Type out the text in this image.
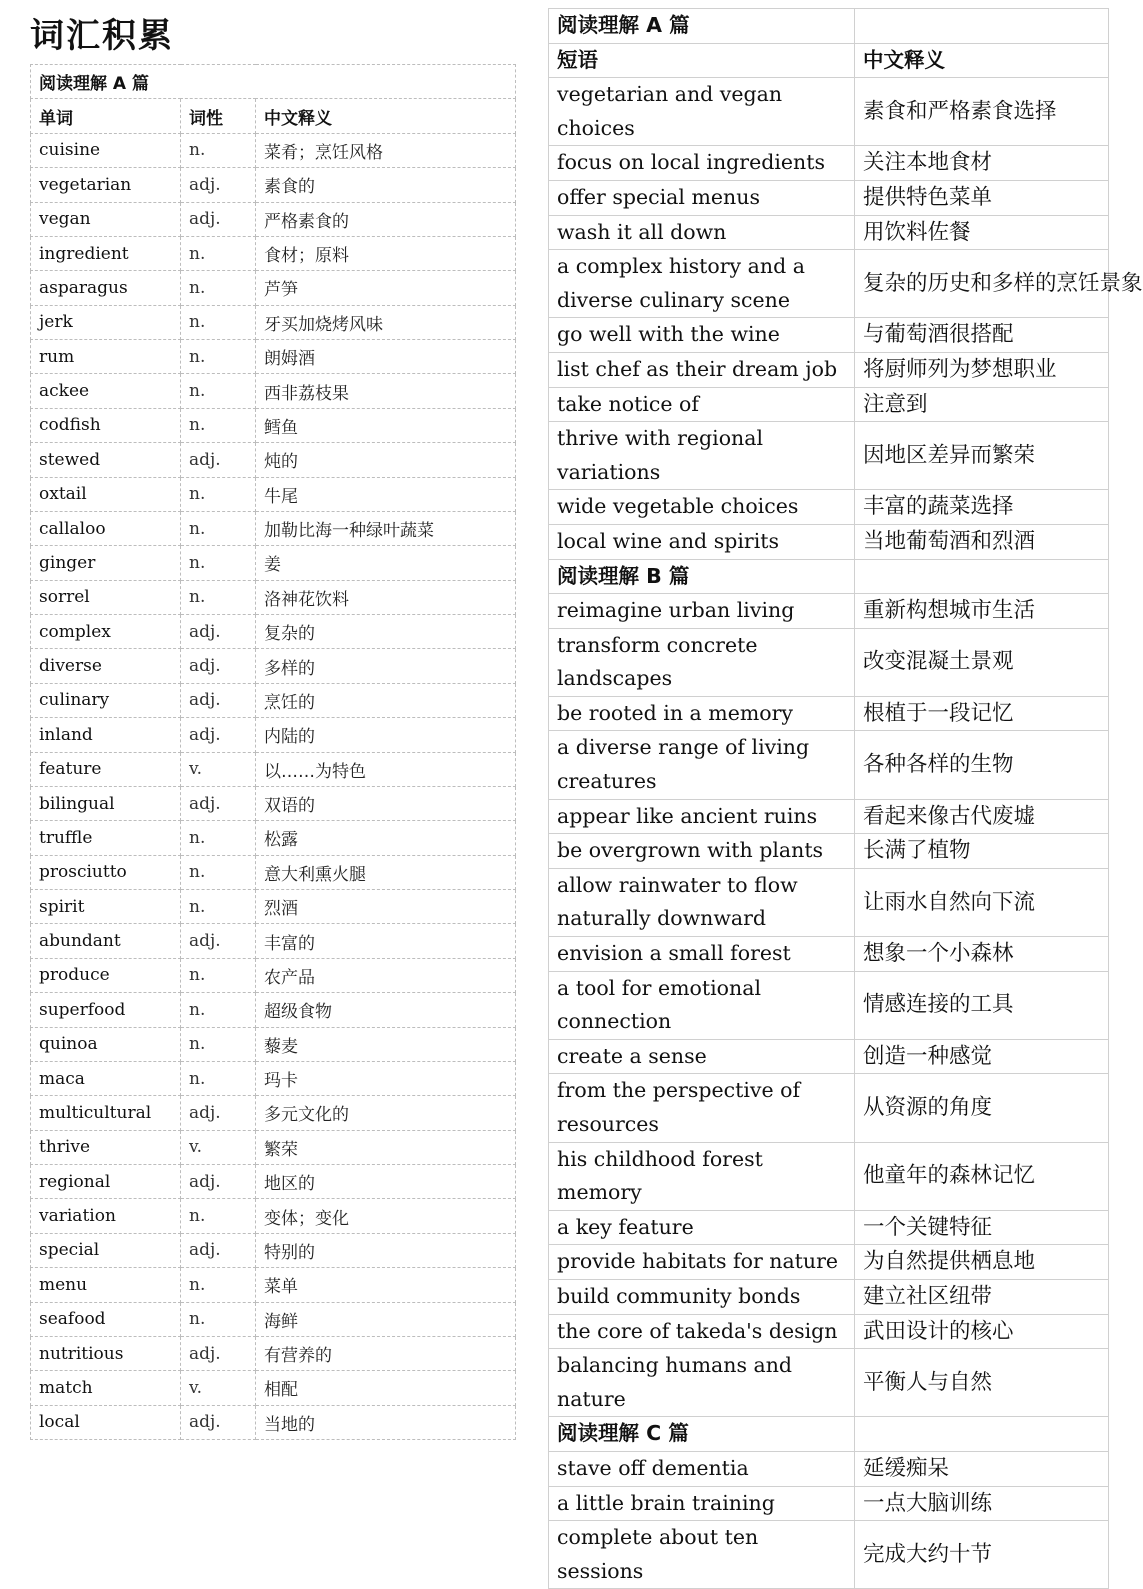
词汇积累
阅读理解 A 篇		
单词	词性	中文释义
cuisine	n.	菜肴；烹饪风格
vegetarian	adj.	素食的
vegan	adj.	严格素食的
ingredient	n.	食材；原料
asparagus	n.	芦笋
jerk	n.	牙买加烧烤风味
rum	n.	朗姆酒
ackee	n.	西非荔枝果
codfish	n.	鳕鱼
stewed	adj.	炖的
oxtail	n.	牛尾
callaloo	n.	加勒比海一种绿叶蔬菜
ginger	n.	姜
sorrel	n.	洛神花饮料
complex	adj.	复杂的
diverse	adj.	多样的
culinary	adj.	烹饪的
inland	adj.	内陆的
feature	v.	以……为特色
bilingual	adj.	双语的
truffle	n.	松露
prosciutto	n.	意大利熏火腿
spirit	n.	烈酒
abundant	adj.	丰富的
produce	n.	农产品
superfood	n.	超级食物
quinoa	n.	藜麦
maca	n.	玛卡
multicultural	adj.	多元文化的
thrive	v.	繁荣
regional	adj.	地区的
variation	n.	变体；变化
special	adj.	特别的
menu	n.	菜单
seafood	n.	海鲜
nutritious	adj.	有营养的
match	v.	相配
local	adj.	当地的
阅读理解 A 篇	
短语	中文释义
vegetarian and vegan choices	素食和严格素食选择
focus on local ingredients	关注本地食材
offer special menus	提供特色菜单
wash it all down	用饮料佐餐
a complex history and a diverse culinary scene	复杂的历史和多样的烹饪景象
go well with the wine	与葡萄酒很搭配
list chef as their dream job	将厨师列为梦想职业
take notice of	注意到
thrive with regional variations	因地区差异而繁荣
wide vegetable choices	丰富的蔬菜选择
local wine and spirits	当地葡萄酒和烈酒
阅读理解 B 篇	
reimagine urban living	重新构想城市生活
transform concrete landscapes	改变混凝土景观
be rooted in a memory	根植于一段记忆
a diverse range of living creatures	各种各样的生物
appear like ancient ruins	看起来像古代废墟
be overgrown with plants	长满了植物
allow rainwater to flow naturally downward	让雨水自然向下流
envision a small forest	想象一个小森林
a tool for emotional connection	情感连接的工具
create a sense	创造一种感觉
from the perspective of resources	从资源的角度
his childhood forest memory	他童年的森林记忆
a key feature	一个关键特征
provide habitats for nature	为自然提供栖息地
build community bonds	建立社区纽带
the core of takeda's design	武田设计的核心
balancing humans and nature	平衡人与自然
阅读理解 C 篇	
stave off dementia	延缓痴呆
a little brain training	一点大脑训练
complete about ten sessions	完成大约十节
